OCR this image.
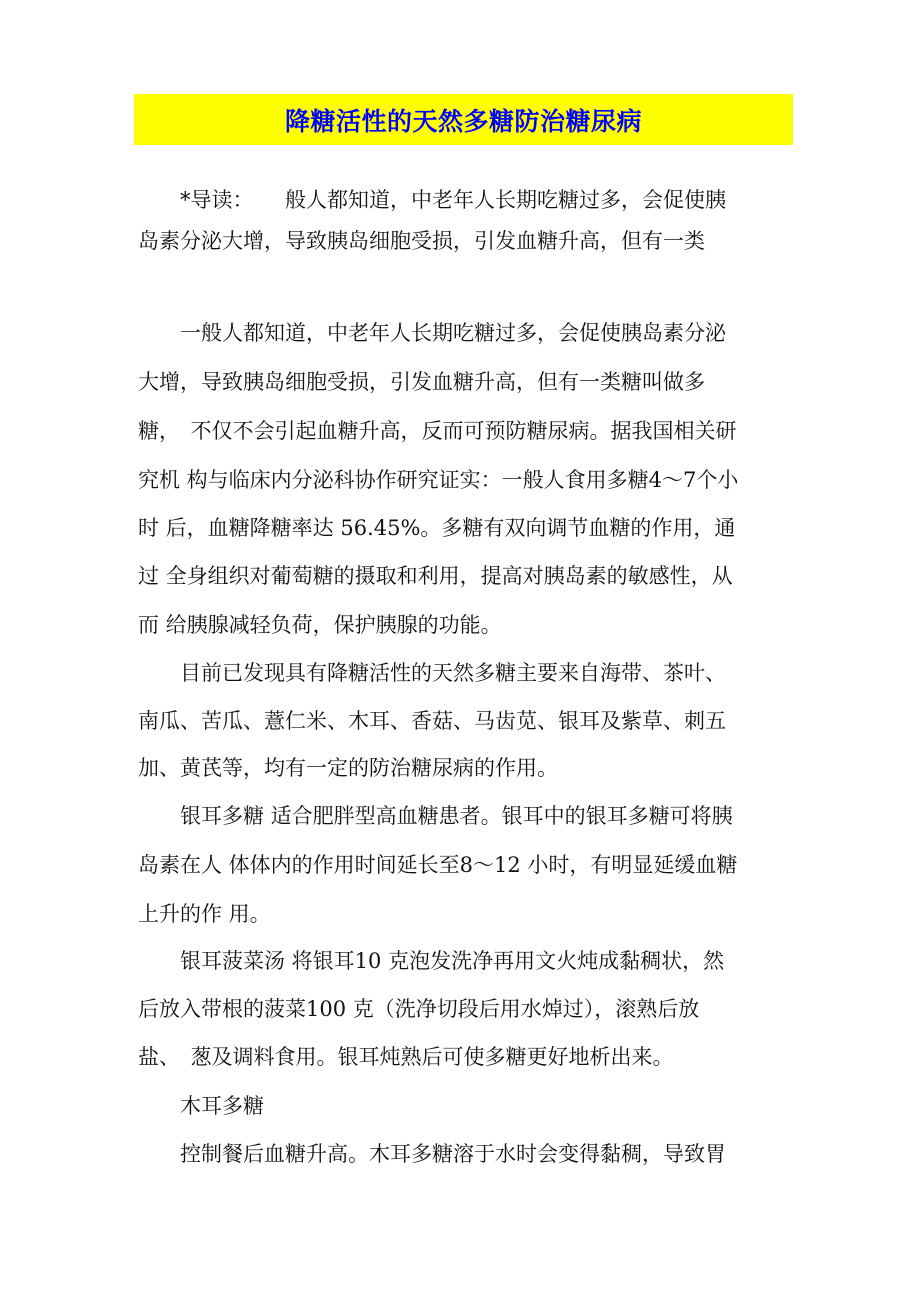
降糖活性的天然多糖防治糖尿病
　　*导读：　　般人都知道，中老年人长期吃糖过多，会促使胰
岛素分泌大增，导致胰岛细胞受损，引发血糖升高，但有一类
　　一般人都知道，中老年人长期吃糖过多，会促使胰岛素分泌
大增，导致胰岛细胞受损，引发血糖升高，但有一类糖叫做多
糖，　不仅不会引起血糖升高，反而可预防糖尿病。据我国相关研
究机 构与临床内分泌科协作研究证实：一般人食用多糖4〜7个小
时 后，血糖降糖率达 56.45%。多糖有双向调节血糖的作用，通
过 全身组织对葡萄糖的摄取和利用，提高对胰岛素的敏感性，从
而 给胰腺减轻负荷，保护胰腺的功能。
　　目前已发现具有降糖活性的天然多糖主要来自海带、茶叶、
南瓜、苦瓜、薏仁米、木耳、香菇、马齿苋、银耳及紫草、刺五
加、黄芪等，均有一定的防治糖尿病的作用。
　　银耳多糖 适合肥胖型高血糖患者。银耳中的银耳多糖可将胰
岛素在人 体体内的作用时间延长至8〜12 小时，有明显延缓血糖
上升的作 用。
　　银耳菠菜汤 将银耳10 克泡发洗净再用文火炖成黏稠状，然
后放入带根的菠菜100 克（洗净切段后用水焯过），滚熟后放
盐、　葱及调料食用。银耳炖熟后可使多糖更好地析出来。
　　木耳多糖
　　控制餐后血糖升高。木耳多糖溶于水时会变得黏稠，导致胃
